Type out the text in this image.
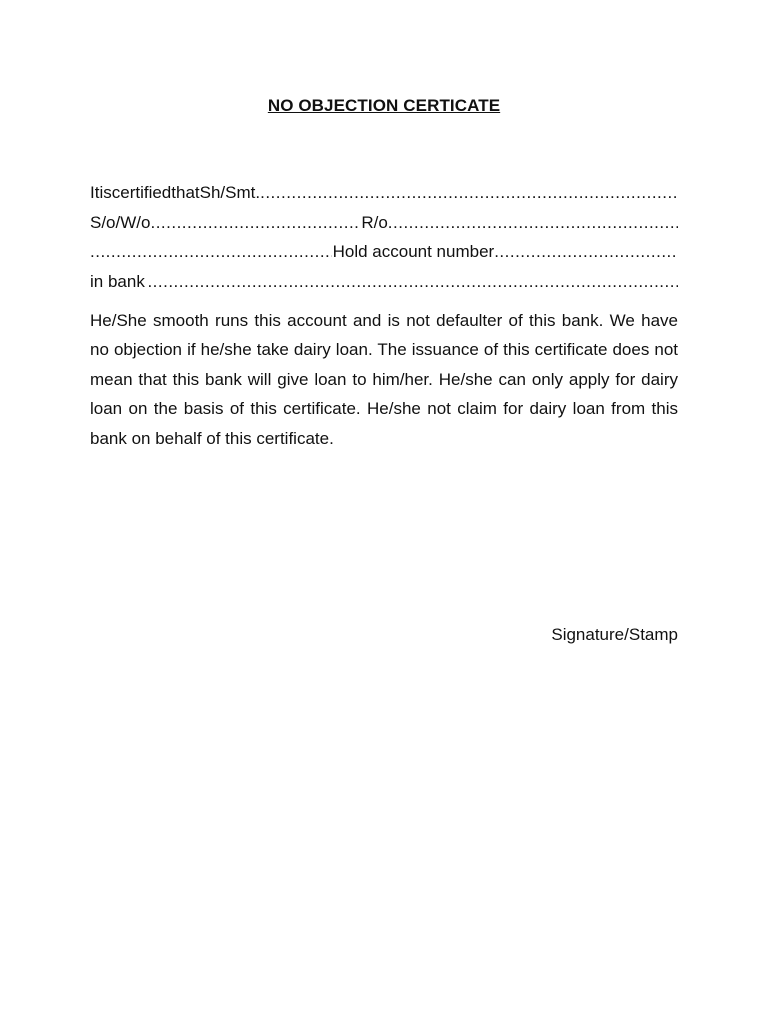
NO OBJECTION CERTICATE
It is certified that Sh/Smt.
.....
S/o/W/o
.....	R/o
.....
.....
Hold account number
.....
in bank
.....
He/She smooth runs this account and is not defaulter of this bank. We have no objection if he/she take dairy loan. The issuance of this certificate does not mean that this bank will give loan to him/her. He/she can only apply for dairy loan on the basis of this certificate. He/she not claim for dairy loan from this bank on behalf of this certificate.
Signature/Stamp
